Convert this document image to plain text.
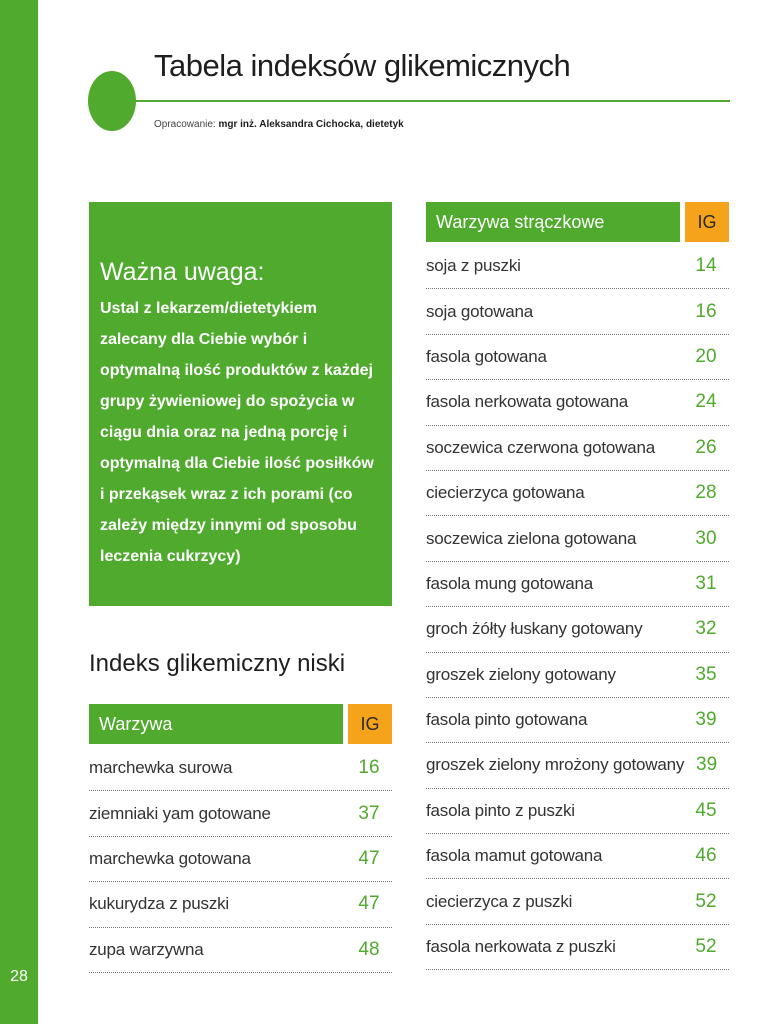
28
Tabela indeksów glikemicznych
Opracowanie: mgr inż. Aleksandra Cichocka, dietetyk

Ważna uwaga:

Ustal z lekarzem/dietetykiem zalecany dla Ciebie wybór i optymalną ilość produktów z każdej grupy żywieniowej do spożycia w ciągu dnia oraz na jedną porcję i optymalną dla Ciebie ilość posiłków i przekąsek wraz z ich porami (co zależy między innymi od sposobu leczenia cukrzycy)

Indeks glikemiczny niski
Warzywa	IG
marchewka surowa	16
ziemniaki yam gotowane	37
marchewka gotowana	47
kukurydza z puszki	47
zupa warzywna	48
Warzywa strączkowe	IG
soja z puszki	14
soja gotowana	16
fasola gotowana	20
fasola nerkowata gotowana	24
soczewica czerwona gotowana	26
ciecierzyca gotowana	28
soczewica zielona gotowana	30
fasola mung gotowana	31
groch żółty łuskany gotowany	32
groszek zielony gotowany	35
fasola pinto gotowana	39
groszek zielony mrożony gotowany 39
fasola pinto z puszki	45
fasola mamut gotowana	46
ciecierzyca z puszki	52
fasola nerkowata z puszki	52
